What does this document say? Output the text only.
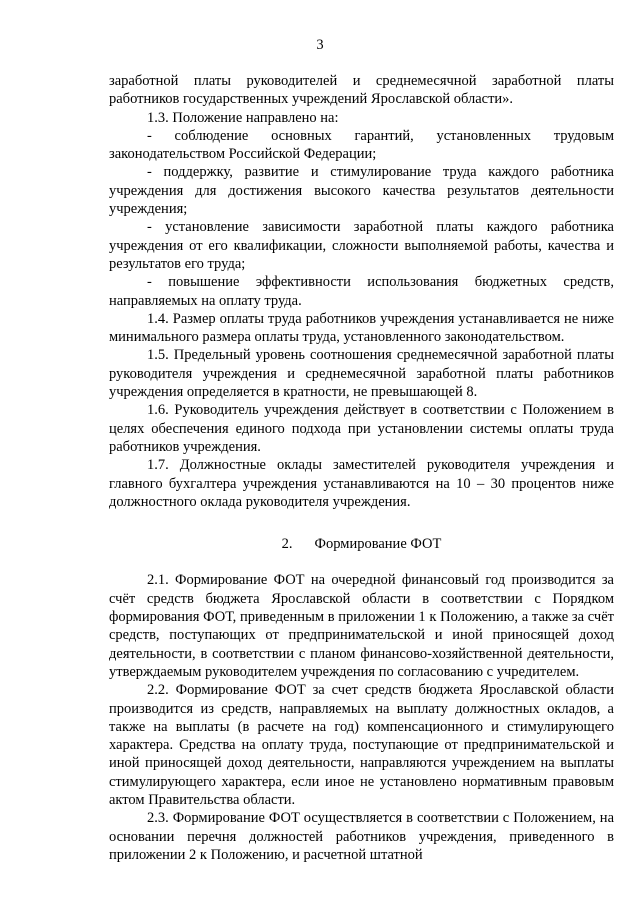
3

заработной платы руководителей и среднемесячной заработной платы работников государственных учреждений Ярославской области».

1.3. Положение направлено на:

- соблюдение основных гарантий, установленных трудовым законодательством Российской Федерации;

- поддержку, развитие и стимулирование труда каждого работника учреждения для достижения высокого качества результатов деятельности учреждения;

- установление зависимости заработной платы каждого работника учреждения от его квалификации, сложности выполняемой работы, качества и результатов его труда;

- повышение эффективности использования бюджетных средств, направляемых на оплату труда.

1.4. Размер оплаты труда работников учреждения устанавливается не ниже минимального размера оплаты труда, установленного законодательством.

1.5. Предельный уровень соотношения среднемесячной заработной платы руководителя учреждения и среднемесячной заработной платы работников учреждения определяется в кратности, не превышающей 8.

1.6. Руководитель учреждения действует в соответствии с Положением в целях обеспечения единого подхода при установлении системы оплаты труда работников учреждения.

1.7. Должностные оклады заместителей руководителя учреждения и главного бухгалтера учреждения устанавливаются на 10 – 30 процентов ниже должностного оклада руководителя учреждения.

2. Формирование ФОТ

2.1. Формирование ФОТ на очередной финансовый год производится за счёт средств бюджета Ярославской области в соответствии с Порядком формирования ФОТ, приведенным в приложении 1 к Положению, а также за счёт средств, поступающих от предпринимательской и иной приносящей доход деятельности, в соответствии с планом финансово-хозяйственной деятельности, утверждаемым руководителем учреждения по согласованию с учредителем.

2.2. Формирование ФОТ за счет средств бюджета Ярославской области производится из средств, направляемых на выплату должностных окладов, а также на выплаты (в расчете на год) компенсационного и стимулирующего характера. Средства на оплату труда, поступающие от предпринимательской и иной приносящей доход деятельности, направляются учреждением на выплаты стимулирующего характера, если иное не установлено нормативным правовым актом Правительства области.

2.3. Формирование ФОТ осуществляется в соответствии с Положением, на основании перечня должностей работников учреждения, приведенного в приложении 2 к Положению, и расчетной штатной
